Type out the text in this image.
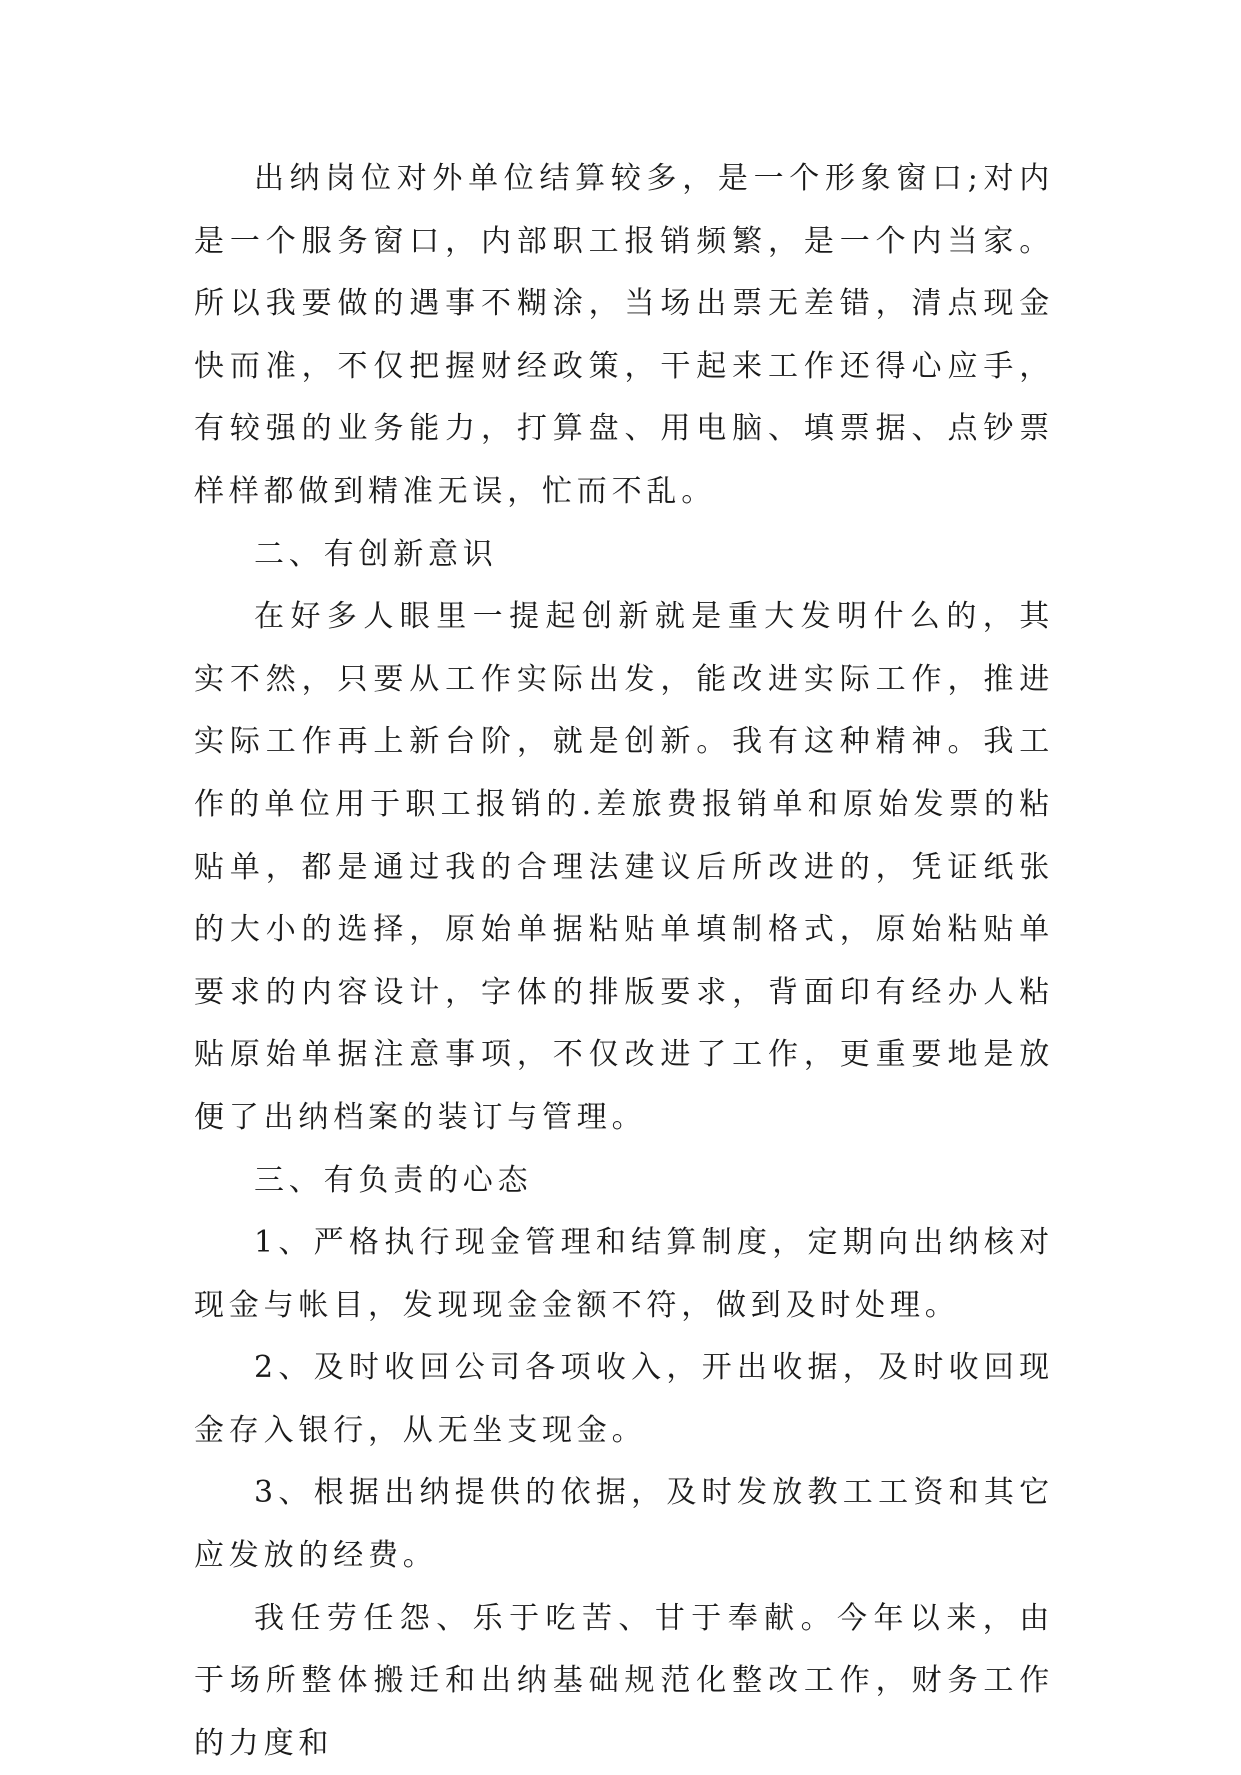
出纳岗位对外单位结算较多，是一个形象窗口;对内是一个服务窗口，内部职工报销频繁，是一个内当家。所以我要做的遇事不糊涂，当场出票无差错，清点现金快而准，不仅把握财经政策，干起来工作还得心应手，有较强的业务能力，打算盘、用电脑、填票据、点钞票样样都做到精准无误，忙而不乱。

二、有创新意识

在好多人眼里一提起创新就是重大发明什么的，其实不然，只要从工作实际出发，能改进实际工作，推进实际工作再上新台阶，就是创新。我有这种精神。我工作的单位用于职工报销的.差旅费报销单和原始发票的粘贴单，都是通过我的合理法建议后所改进的，凭证纸张的大小的选择，原始单据粘贴单填制格式，原始粘贴单要求的内容设计，字体的排版要求，背面印有经办人粘贴原始单据注意事项，不仅改进了工作，更重要地是放便了出纳档案的装订与管理。

三、有负责的心态

1、严格执行现金管理和结算制度，定期向出纳核对现金与帐目，发现现金金额不符，做到及时处理。

2、及时收回公司各项收入，开出收据，及时收回现金存入银行，从无坐支现金。

3、根据出纳提供的依据，及时发放教工工资和其它应发放的经费。

我任劳任怨、乐于吃苦、甘于奉献。今年以来，由于场所整体搬迁和出纳基础规范化整改工作，财务工作的力度和
